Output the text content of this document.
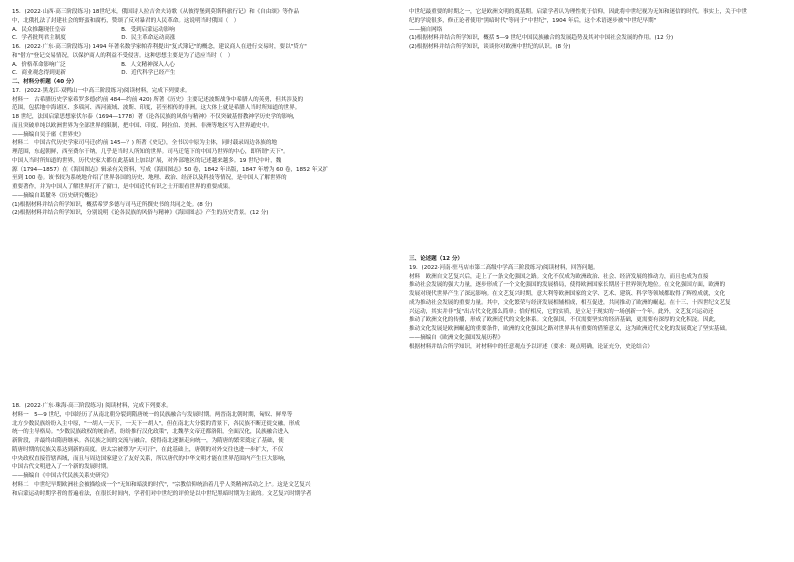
15．(2022·山西·高三阶段练习) 18世纪末，俄国诗人拉吉舍夫诗歌《从彼得堡到莫斯科旅行记》和《自由颂》等作品
中，北俄扎法了封建社会的野蛮和腐朽，赞颂了反对暴君的人民革命。这说明当时俄国（　）
A．民众推翻现任皇帝　　　　　　　　　　B．受到启蒙运动影响
C．学者批判君主制度　　　　　　　　　　D．民主革命运动高涨
16．(2022·广东·高三阶段练习) 1494 年著名数学家帕乔利提出"复式簿记"的概念，建议商人在进行交易时，要以"贷方"
和"借方"登记交易情况，以保护商人的利益不受侵害。这种思想主要是为了适应当时（　）
A．价格革命影响广泛　　　　　　　　　　B．人文精神深入人心
C．商业观念得到更新　　　　　　　　　　D．近代科学已经产生
二、材料分析题（40 分）
17．(2022·黑龙江·双鸭山一中高三阶段练习)阅读材料，完成下列要求。
材料一　古希腊历史学家希罗多德(约前 484—约前 420) 所著《历史》主要记述波斯战争中希腊人的英勇，但其涉及的
范围，包括地中海诸区、多瑙河、西河流域、波斯、印度，甚至相传的非洲。这大体上就是希腊人当时所知道的世界。
18 世纪，法国启蒙思想家伏尔泰（1694—1778）著《论各民族的风俗与精神》不仅突破基督教神学历史学的影响，
而且突破单纯以欧洲世界为全部世界的限制，把中国、印度、阿拉伯、美洲、非洲等地区写入世界通史中。
——摘编自吴于廑《世界史》
材料二　中国古代历史学家司马迁(约前 145—？) 所著《史记》，全书以中原为主体，同时载录周边各族的地
理范围，东起朝鲜，西至费尔干纳，几乎是当时人所知的世界。司马迁笔下的中国乃世界的中心，即所谓"天下"。
中国人当时所知道的世界，历代史家大都在此基础上加以扩展，对外部地区的记述越来越多。19 世纪中叶，魏
源（1794—1857）在《海国图志》辑录有关资料，写成《海国图志》50 卷，1842 年出版，1847 年增为 60 卷，1852 年又扩
至到 100 卷。该书较为系统地介绍了世界各国的历史、地理、政治、经济以及科技等情况，是中国人了解世界的
重要著作，并为中国人了解世界打开了窗口，是中国近代有识之士开眼看世界的重要成果。
——摘编自葛麓冬《历史研究概论》
(1)根据材料并结合所学知识，概括希罗多德与司马迁所撰史书的共同之处。(8 分)
(2)根据材料并结合所学知识，分别说明《论各民族的风俗与精神》《海国图志》产生的历史背景。(12 分)
18．(2022·广东·珠海·高三阶段练习) 阅读材料，完成下列要求。
材料一　5—9 世纪，中国经历了从南北朝分裂到隋唐统一的民族融合与发展时期。两晋南北朝时期，匈奴、鲜卑等
北方少数民族纷纷入主中原，"一胡人一天下，一天下一胡人"，但在南北大分裂的背景下，各民族不断迁徙交融，形成
统一的主导格局。"少数民族政权的统治者，纷纷推行汉化政策"，北魏孝文帝迁都洛阳，全面汉化，民族融合进入
新阶段，并最终由隋唐继承。各民族之间的交流与融合，使得南北逐渐走向统一，为隋唐的繁荣奠定了基础，使
隋唐时期的民族关系达到新的高度。唐太宗被尊为"天可汗"，在此基础上，唐朝的对外交往也进一步扩大，不仅
中央政权直接管辖西域，而且与周边国家建立了友好关系，所以唐代的中华文明才能在世界范围内产生巨大影响，
中国古代文明进入了一个新的发展时期。
——摘编自《中国古代民族关系史研究》
材料二　中世纪早期欧洲社会被描绘成一个"无知和暗淡的时代"，"宗教信仰统治着几乎人类精神活动之上"。这是文艺复兴
和启蒙运动时期学者的普遍看法，在很长时间内，学者们对中世纪的评价是以中世纪黑暗时期为主流的。文艺复兴时期学者
中世纪最重要的时期之一，它是欧洲文明的奠基期。启蒙学者认为理性优于信仰，因此将中世纪视为无知和迷信的时代。事实上，关于中世
纪的学说很多，修正论者使用"黑暗时代"等同于"中世纪"，1904 年后，这个术语逐步被"中世纪早期"
——摘自网络
(1)根据材料并结合所学知识，概括 5—9 世纪中国民族融合的发展趋势及其对中国社会发展的作用。(12 分)
(2)根据材料并结合所学知识，谈谈你对欧洲中世纪的认识。(8 分)
三、论述题（12 分）
19．(2022·河南·驻马店市第二高级中学高三阶段练习)阅读材料，回答问题。
材料　欧洲自文艺复兴后，走上了一条文化强国之路。文化不仅成为欧洲政治、社会、经济发展的推动力，而且也成为直接
推动社会发展的强大力量，逐步形成了一个文化强国的发展格局，使得欧洲国家长期居于世界领先地位。在文化强国方面，欧洲的
发展对现代世界产生了深远影响。在文艺复兴时期，意大利等欧洲国家的文学、艺术、建筑、科学等领域都取得了辉煌成就，文化
成为推动社会发展的重要力量。其中，文化繁荣与经济发展相辅相成，相互促进，共同推动了欧洲的崛起。在十三、十四世纪文艺复
兴运动，其实并非"复"出古代文化那么简单；恰好相反，它的实质，是立足于现实的一场创新一个年。此外，文艺复兴运动还
推动了欧洲文化的传播，形成了欧洲近代的文化体系。文化强国，不仅需要坚实的经济基础，更需要有深厚的文化积淀。因此，
推动文化发展是欧洲崛起的重要条件，欧洲的文化强国之路对世界具有重要的借鉴意义，这为欧洲近代文化的发展奠定了坚实基础。
——摘编自《欧洲文化强国发展历程》
根据材料并结合所学知识，对材料中的任意观点予以评述（要求：观点明确，论证充分，史论结合）
